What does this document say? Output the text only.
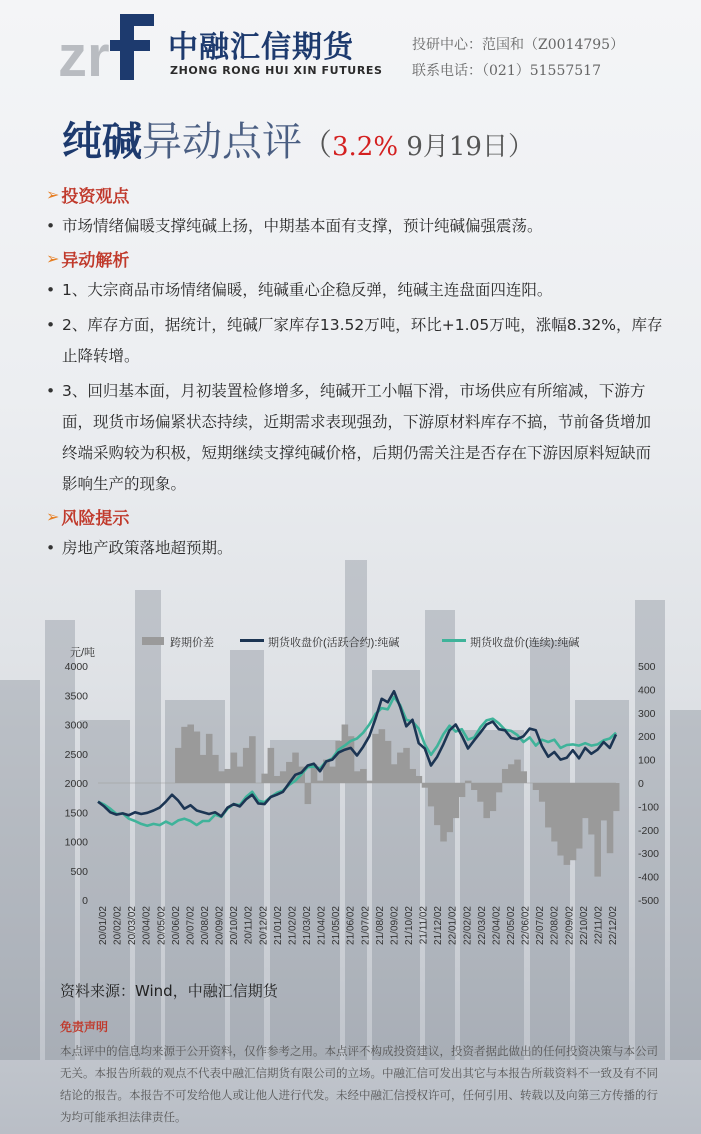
zr 中融汇信期货
ZHONG RONG HUI XIN FUTURES
投研中心：范国和（Z0014795）
联系电话：（021）51557517
纯碱异动点评（3.2% 9月19日）
➢ 投资观点
• 市场情绪偏暖支撑纯碱上扬，中期基本面有支撑，预计纯碱偏强震荡。
➢ 异动解析
• 1、大宗商品市场情绪偏暖，纯碱重心企稳反弹，纯碱主连盘面四连阳。
• 2、库存方面，据统计，纯碱厂家库存13.52万吨，环比+1.05万吨，涨幅8.32%，库存止降转增。
• 3、回归基本面，月初装置检修增多，纯碱开工小幅下滑，市场供应有所缩减，下游方面，现货市场偏紧状态持续，近期需求表现强劲，下游原材料库存不搞，节前备货增加终端采购较为积极，短期继续支撑纯碱价格，后期仍需关注是否存在下游因原料短缺而影响生产的现象。
➢ 风险提示
• 房地产政策落地超预期。
跨期价差	期货收盘价(活跃合约):纯碱	期货收盘价(连续):纯碱
元/吨
4000
3500
3000
2500
2000
1500
1000
500
0
500
400
300
200
100
0
-100
-200
-300
-400
-500
20/01/02 20/02/02 20/03/02 20/04/02 20/05/02 20/06/02 20/07/02 20/08/02 20/09/02 20/10/02 20/11/02 20/12/02 21/01/02 21/02/02 21/03/02 21/04/02 21/05/02 21/06/02 21/07/02 21/08/02 21/09/02 21/10/02 21/11/02 21/12/02 22/01/02 22/02/02 22/03/02 22/04/02 22/05/02 22/06/02 22/07/02 22/08/02 22/09/02 22/10/02 22/11/02 22/12/02
资料来源：Wind，中融汇信期货
免责声明
本点评中的信息均来源于公开资料，仅作参考之用。本点评不构成投资建议，投资者据此做出的任何投资决策与本公司无关。本报告所载的观点不代表中融汇信期货有限公司的立场。中融汇信可发出其它与本报告所载资料不一致及有不同结论的报告。本报告不可发给他人或让他人进行代发。未经中融汇信授权许可，任何引用、转载以及向第三方传播的行为均可能承担法律责任。
